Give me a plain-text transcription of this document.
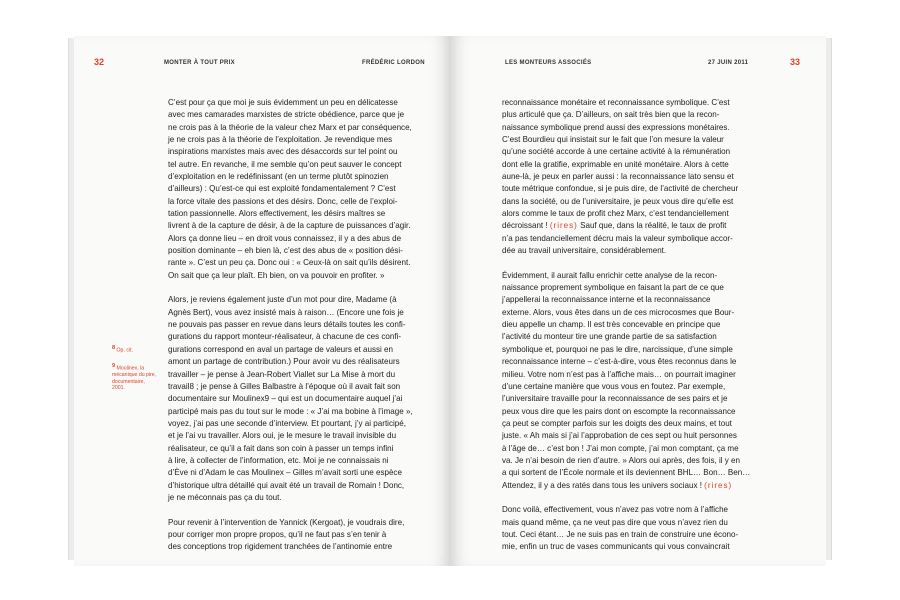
32	MONTER À TOUT PRIX	FRÉDÉRIC LORDON

C’est pour ça que moi je suis évidemment un peu en délicatesse
avec mes camarades marxistes de stricte obédience, parce que je
ne crois pas à la théorie de la valeur chez Marx et par conséquence,
je ne crois pas à la théorie de l’exploitation. Je revendique mes
inspirations marxistes mais avec des désaccords sur tel point ou
tel autre. En revanche, il me semble qu’on peut sauver le concept
d’exploitation en le redéfinissant (en un terme plutôt spinozien
d’ailleurs) : Qu’est-ce qui est exploité fondamentalement ? C’est
la force vitale des passions et des désirs. Donc, celle de l’exploi-
tation passionnelle. Alors effectivement, les désirs maîtres se
livrent à de la capture de désir, à de la capture de puissances d’agir.
Alors ça donne lieu – en droit vous connaissez, il y a des abus de
position dominante – eh bien là, c’est des abus de « position dési-
rante ». C’est un peu ça. Donc oui : « Ceux-là on sait qu’ils désirent.
On sait que ça leur plaît. Eh bien, on va pouvoir en profiter. »

Alors, je reviens également juste d’un mot pour dire, Madame (à
Agnès Bert), vous avez insisté mais à raison… (Encore une fois je
ne pouvais pas passer en revue dans leurs détails toutes les confi-
gurations du rapport monteur-réalisateur, à chacune de ces confi-
gurations correspond en aval un partage de valeurs et aussi en
amont un partage de contribution.) Pour avoir vu des réalisateurs
travailler – je pense à Jean-Robert Viallet sur La Mise à mort du
travail8 ; je pense à Gilles Balbastre à l’époque où il avait fait son
documentaire sur Moulinex9 – qui est un documentaire auquel j’ai
participé mais pas du tout sur le mode : « J’ai ma bobine à l’image »,
voyez, j’ai pas une seconde d’interview. Et pourtant, j’y ai participé,
et je l’ai vu travailler. Alors oui, je le mesure le travail invisible du
réalisateur, ce qu’il a fait dans son coin à passer un temps infini
à lire, à collecter de l’information, etc. Moi je ne connaissais ni
d’Ève ni d’Adam le cas Moulinex – Gilles m’avait sorti une espèce
d’historique ultra détaillé qui avait été un travail de Romain ! Donc,
je ne méconnais pas ça du tout.

Pour revenir à l’intervention de Yannick (Kergoat), je voudrais dire,
pour corriger mon propre propos, qu’il ne faut pas s’en tenir à
des conceptions trop rigidement tranchées de l’antinomie entre

$^8$ Op. cit.
$^9$ Moulinex, la mécanique du pire, documentaire, 2001.
LES MONTEURS ASSOCIÉS	27 JUIN 2011	33

reconnaissance monétaire et reconnaissance symbolique. C’est
plus articulé que ça. D’ailleurs, on sait très bien que la recon-
naissance symbolique prend aussi des expressions monétaires.
C’est Bourdieu qui insistait sur le fait que l’on mesure la valeur
qu’une société accorde à une certaine activité à la rémunération
dont elle la gratifie, exprimable en unité monétaire. Alors à cette
aune-là, je peux en parler aussi : la reconnaissance lato sensu et
toute métrique confondue, si je puis dire, de l’activité de chercheur
dans la société, ou de l’universitaire, je peux vous dire qu’elle est
alors comme le taux de profit chez Marx, c’est tendanciellement
décroissant ! (rires) Sauf que, dans la réalité, le taux de profit
n’a pas tendanciellement décru mais la valeur symbolique accor-
dée au travail universitaire, considérablement.

Évidemment, il aurait fallu enrichir cette analyse de la recon-
naissance proprement symbolique en faisant la part de ce que
j’appellerai la reconnaissance interne et la reconnaissance
externe. Alors, vous êtes dans un de ces microcosmes que Bour-
dieu appelle un champ. Il est très concevable en principe que
l’activité du monteur tire une grande partie de sa satisfaction
symbolique et, pourquoi ne pas le dire, narcissique, d’une simple
reconnaissance interne – c’est-à-dire, vous êtes reconnus dans le
milieu. Votre nom n’est pas à l’affiche mais… on pourrait imaginer
d’une certaine manière que vous vous en foutez. Par exemple,
l’universitaire travaille pour la reconnaissance de ses pairs et je
peux vous dire que les pairs dont on escompte la reconnaissance
ça peut se compter parfois sur les doigts des deux mains, et tout
juste. « Ah mais si j’ai l’approbation de ces sept ou huit personnes
à l’âge de… c’est bon ! J’ai mon compte, j’ai mon comptant, ça me
va. Je n’ai besoin de rien d’autre. » Alors oui après, des fois, il y en
a qui sortent de l’École normale et ils deviennent BHL… Bon… Ben…
Attendez, il y a des ratés dans tous les univers sociaux ! (rires)

Donc voilà, effectivement, vous n’avez pas votre nom à l’affiche
mais quand même, ça ne veut pas dire que vous n’avez rien du
tout. Ceci étant… Je ne suis pas en train de construire une écono-
mie, enfin un truc de vases communicants qui vous convaincrait
